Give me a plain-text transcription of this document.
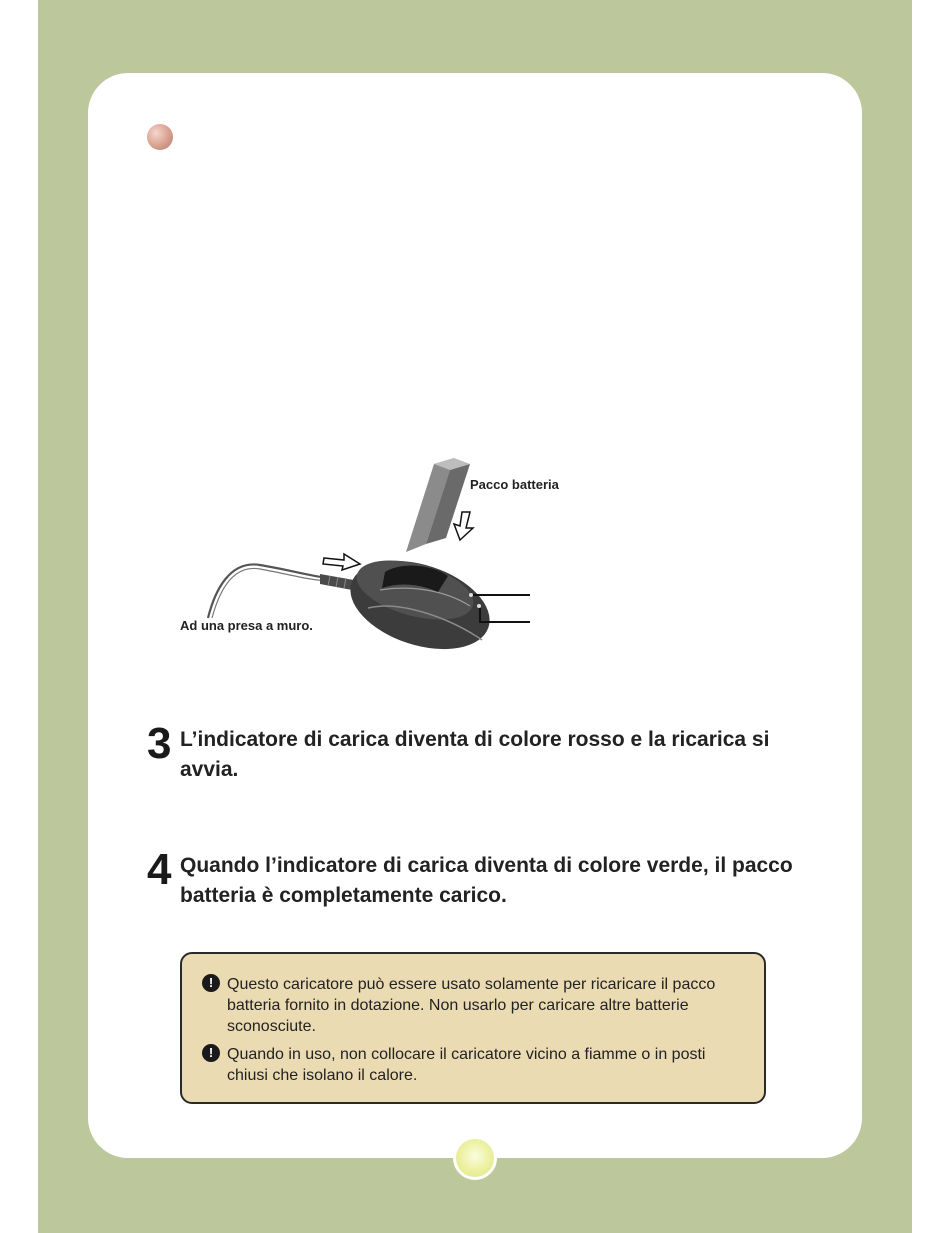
Pacco batteria
Ad una presa a muro.
3 L’indicatore di carica diventa di colore rosso e la ricarica si avvia.
4 Quando l’indicatore di carica diventa di colore verde, il pacco batteria è completamente carico.
! Questo caricatore può essere usato solamente per ricaricare il pacco batteria fornito in dotazione. Non usarlo per caricare altre batterie sconosciute.
! Quando in uso, non collocare il caricatore vicino a fiamme o in posti chiusi che isolano il calore.
